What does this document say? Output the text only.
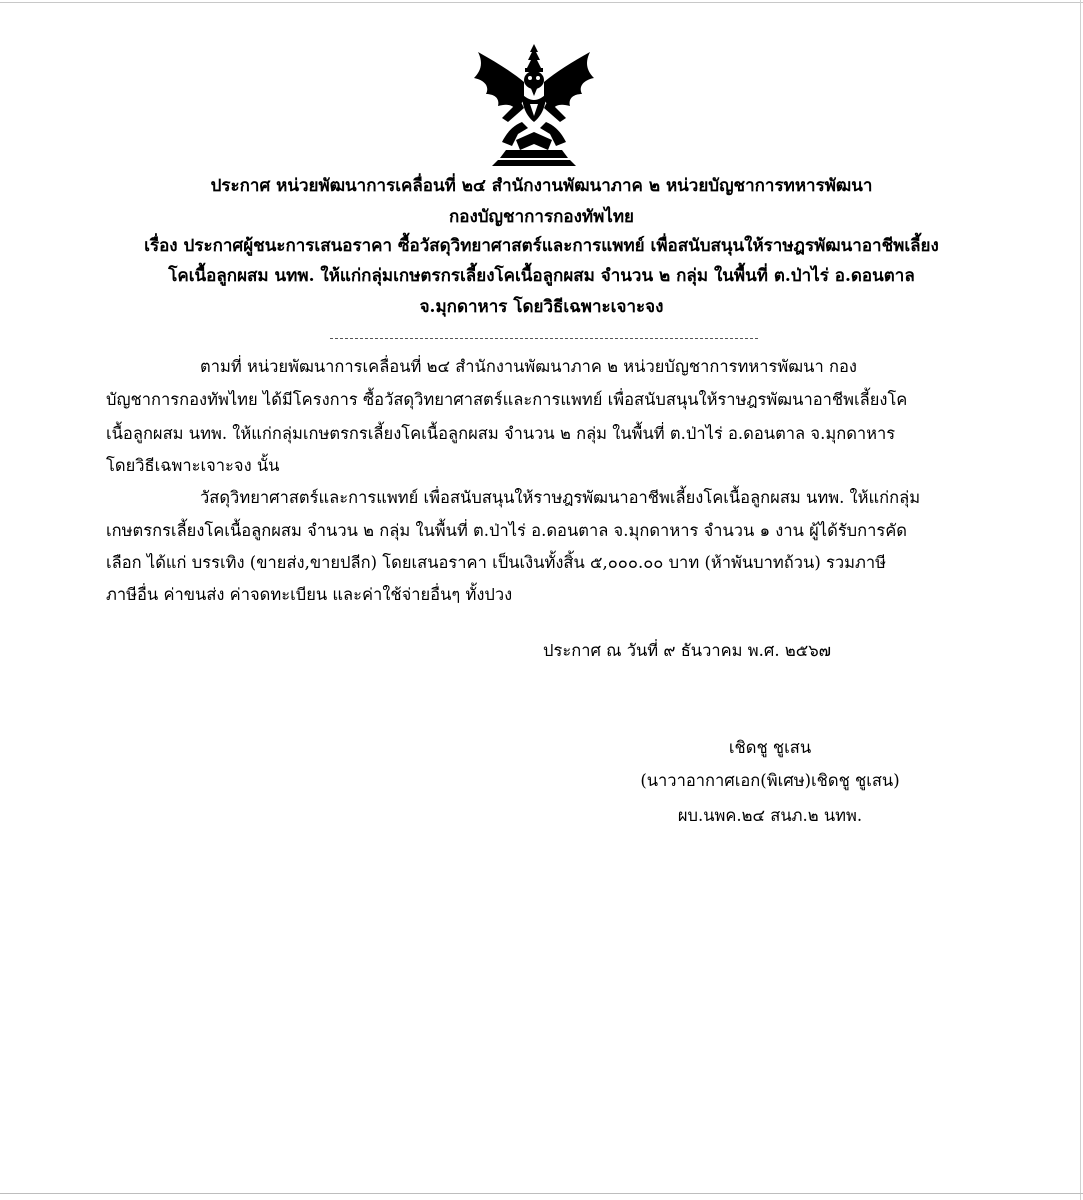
ประกาศ หน่วยพัฒนาการเคลื่อนที่ ๒๔ สำนักงานพัฒนาภาค ๒ หน่วยบัญชาการทหารพัฒนา
กองบัญชาการกองทัพไทย
เรื่อง ประกาศผู้ชนะการเสนอราคา ซื้อวัสดุวิทยาศาสตร์และการแพทย์ เพื่อสนับสนุนให้ราษฎรพัฒนาอาชีพเลี้ยง
โคเนื้อลูกผสม นทพ. ให้แก่กลุ่มเกษตรกรเลี้ยงโคเนื้อลูกผสม จำนวน ๒ กลุ่ม ในพื้นที่ ต.ป่าไร่ อ.ดอนตาล
จ.มุกดาหาร โดยวิธีเฉพาะเจาะจง
ตามที่ หน่วยพัฒนาการเคลื่อนที่ ๒๔ สำนักงานพัฒนาภาค ๒ หน่วยบัญชาการทหารพัฒนา กอง
บัญชาการกองทัพไทย ได้มีโครงการ ซื้อวัสดุวิทยาศาสตร์และการแพทย์ เพื่อสนับสนุนให้ราษฎรพัฒนาอาชีพเลี้ยงโค
เนื้อลูกผสม นทพ. ให้แก่กลุ่มเกษตรกรเลี้ยงโคเนื้อลูกผสม จำนวน ๒ กลุ่ม ในพื้นที่ ต.ป่าไร่ อ.ดอนตาล จ.มุกดาหาร
โดยวิธีเฉพาะเจาะจง นั้น
วัสดุวิทยาศาสตร์และการแพทย์ เพื่อสนับสนุนให้ราษฎรพัฒนาอาชีพเลี้ยงโคเนื้อลูกผสม นทพ. ให้แก่กลุ่ม
เกษตรกรเลี้ยงโคเนื้อลูกผสม จำนวน ๒ กลุ่ม ในพื้นที่ ต.ป่าไร่ อ.ดอนตาล จ.มุกดาหาร จำนวน ๑ งาน ผู้ได้รับการคัด
เลือก ได้แก่ บรรเทิง (ขายส่ง,ขายปลีก) โดยเสนอราคา เป็นเงินทั้งสิ้น ๕,๐๐๐.๐๐ บาท (ห้าพันบาทถ้วน) รวมภาษี
ภาษีอื่น ค่าขนส่ง ค่าจดทะเบียน และค่าใช้จ่ายอื่นๆ ทั้งปวง
ประกาศ ณ วันที่ ๙ ธันวาคม พ.ศ. ๒๕๖๗
เชิดชู ชูเสน
(นาวาอากาศเอก(พิเศษ)เชิดชู ชูเสน)
ผบ.นพค.๒๔ สนภ.๒ นทพ.
